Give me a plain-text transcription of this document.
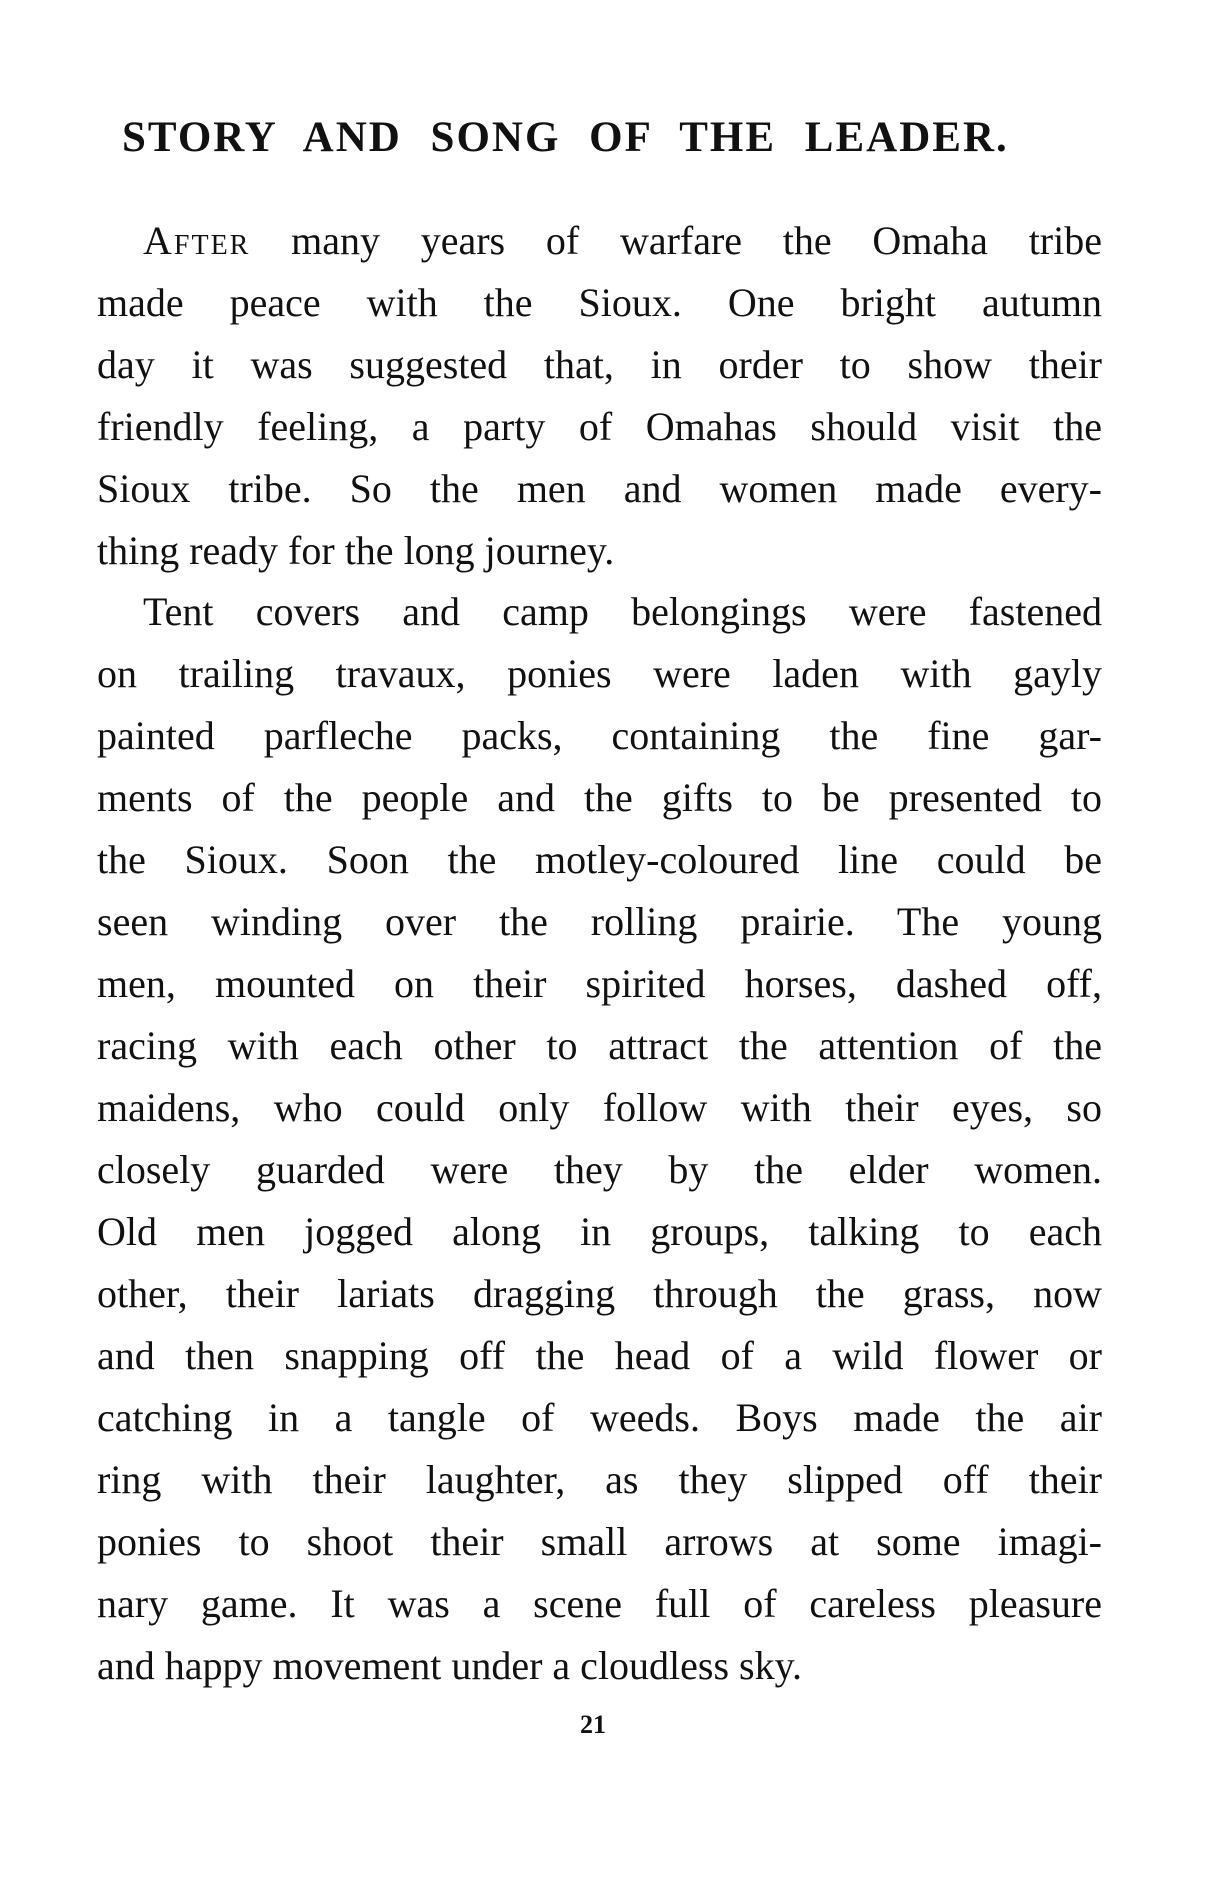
STORY AND SONG OF THE LEADER.

After many years of warfare the Omaha tribe
made peace with the Sioux. One bright autumn
day it was suggested that, in order to show their
friendly feeling, a party of Omahas should visit the
Sioux tribe. So the men and women made every-
thing ready for the long journey.

Tent covers and camp belongings were fastened
on trailing travaux, ponies were laden with gayly
painted parfleche packs, containing the fine gar-
ments of the people and the gifts to be presented to
the Sioux. Soon the motley-coloured line could be
seen winding over the rolling prairie. The young
men, mounted on their spirited horses, dashed off,
racing with each other to attract the attention of the
maidens, who could only follow with their eyes, so
closely guarded were they by the elder women.
Old men jogged along in groups, talking to each
other, their lariats dragging through the grass, now
and then snapping off the head of a wild flower or
catching in a tangle of weeds. Boys made the air
ring with their laughter, as they slipped off their
ponies to shoot their small arrows at some imagi-
nary game. It was a scene full of careless pleasure
and happy movement under a cloudless sky.

21
